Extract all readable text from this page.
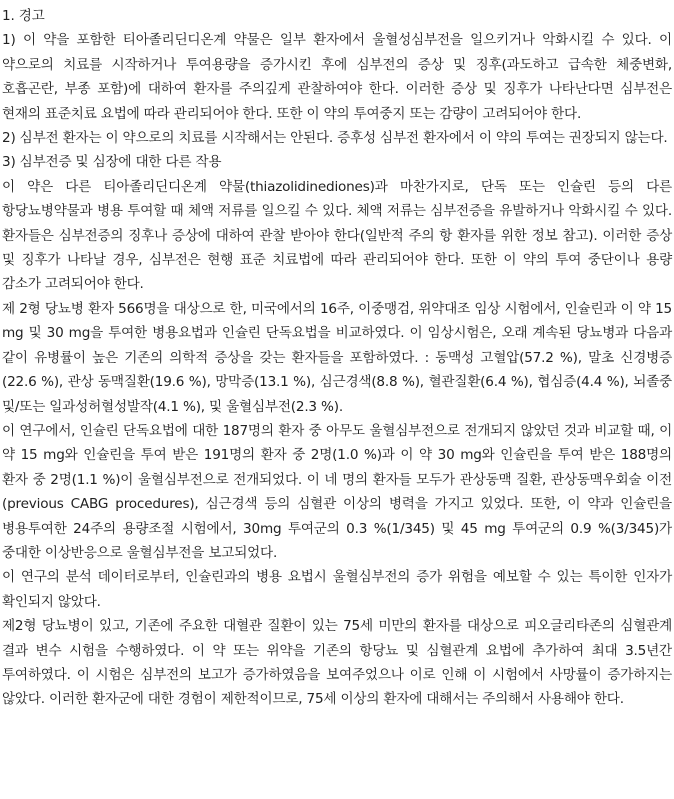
1. 경고

1) 이 약을 포함한 티아졸리딘디온계 약물은 일부 환자에서 울혈성심부전을 일으키거나 악화시킬 수 있다. 이 약으로의 치료를 시작하거나 투여용량을 증가시킨 후에 심부전의 증상 및 징후(과도하고 급속한 체중변화, 호흡곤란, 부종 포함)에 대하여 환자를 주의깊게 관찰하여야 한다. 이러한 증상 및 징후가 나타난다면 심부전은 현재의 표준치료 요법에 따라 관리되어야 한다. 또한 이 약의 투여중지 또는 감량이 고려되어야 한다.

2) 심부전 환자는 이 약으로의 치료를 시작해서는 안된다. 증후성 심부전 환자에서 이 약의 투여는 권장되지 않는다.

3) 심부전증 및 심장에 대한 다른 작용

이 약은 다른 티아졸리딘디온계 약물(thiazolidinediones)과 마찬가지로, 단독 또는 인슐린 등의 다른 항당뇨병약물과 병용 투여할 때 체액 저류를 일으킬 수 있다. 체액 저류는 심부전증을 유발하거나 악화시킬 수 있다. 환자들은 심부전증의 징후나 증상에 대하여 관찰 받아야 한다(일반적 주의 항 환자를 위한 정보 참고). 이러한 증상 및 징후가 나타날 경우, 심부전은 현행 표준 치료법에 따라 관리되어야 한다. 또한 이 약의 투여 중단이나 용량 감소가 고려되어야 한다.

제 2형 당뇨병 환자 566명을 대상으로 한, 미국에서의 16주, 이중맹검, 위약대조 임상 시험에서, 인슐린과 이 약 15 mg 및 30 mg을 투여한 병용요법과 인슐린 단독요법을 비교하였다. 이 임상시험은, 오래 계속된 당뇨병과 다음과 같이 유병률이 높은 기존의 의학적 증상을 갖는 환자들을 포함하였다. : 동맥성 고혈압(57.2 %), 말초 신경병증(22.6 %), 관상 동맥질환(19.6 %), 망막증(13.1 %), 심근경색(8.8 %), 혈관질환(6.4 %), 협심증(4.4 %), 뇌졸중 및/또는 일과성허혈성발작(4.1 %), 및 울혈심부전(2.3 %).

이 연구에서, 인슐린 단독요법에 대한 187명의 환자 중 아무도 울혈심부전으로 전개되지 않았던 것과 비교할 때, 이 약 15 mg와 인슐린을 투여 받은 191명의 환자 중 2명(1.0 %)과 이 약 30 mg와 인슐린을 투여 받은 188명의 환자 중 2명(1.1 %)이 울혈심부전으로 전개되었다. 이 네 명의 환자들 모두가 관상동맥 질환, 관상동맥우회술 이전(previous CABG procedures), 심근경색 등의 심혈관 이상의 병력을 가지고 있었다. 또한, 이 약과 인슐린을 병용투여한 24주의 용량조절 시험에서, 30mg 투여군의 0.3 %(1/345) 및 45 mg 투여군의 0.9 %(3/345)가 중대한 이상반응으로 울혈심부전을 보고되었다.

이 연구의 분석 데이터로부터, 인슐린과의 병용 요법시 울혈심부전의 증가 위험을 예보할 수 있는 특이한 인자가 확인되지 않았다.

제2형 당뇨병이 있고, 기존에 주요한 대혈관 질환이 있는 75세 미만의 환자를 대상으로 피오글리타존의 심혈관계 결과 변수 시험을 수행하였다. 이 약 또는 위약을 기존의 항당뇨 및 심혈관계 요법에 추가하여 최대 3.5년간 투여하였다. 이 시험은 심부전의 보고가 증가하였음을 보여주었으나 이로 인해 이 시험에서 사망률이 증가하지는 않았다. 이러한 환자군에 대한 경험이 제한적이므로, 75세 이상의 환자에 대해서는 주의해서 사용해야 한다.
